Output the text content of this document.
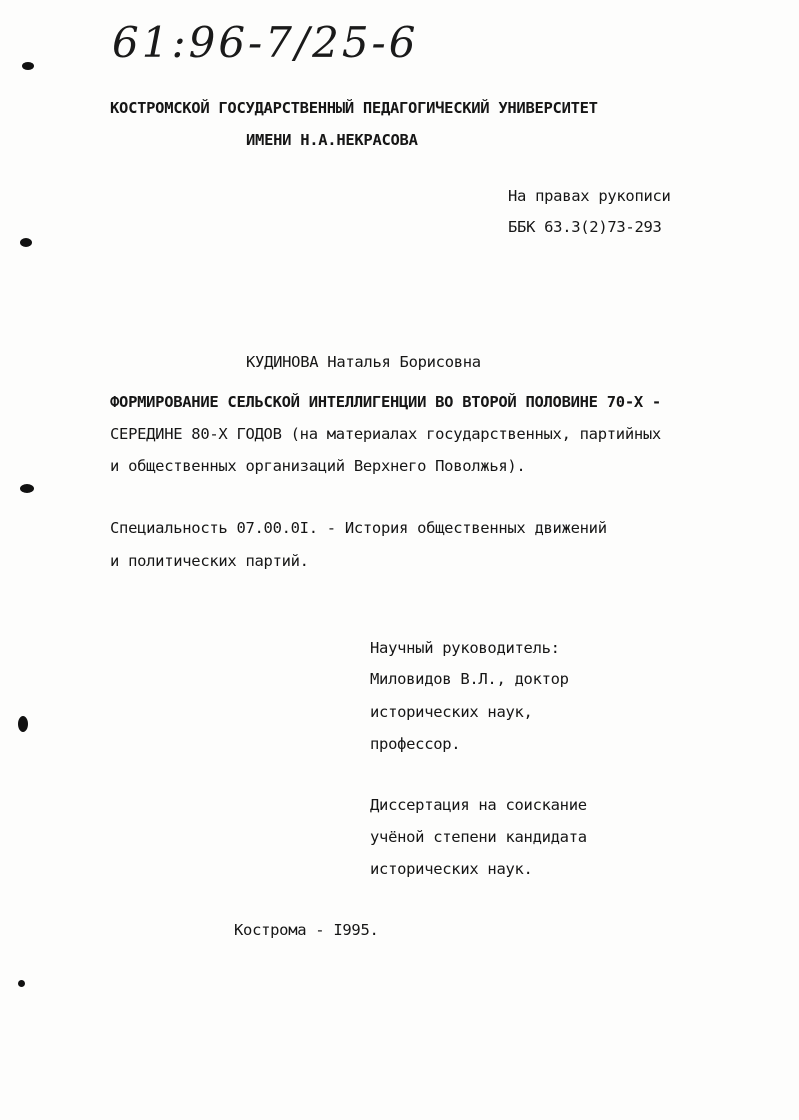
61:96-7/25-6
КОСТРОМСКОЙ ГОСУДАРСТВЕННЫЙ ПЕДАГОГИЧЕСКИЙ УНИВЕРСИТЕТ
ИМЕНИ Н.А.НЕКРАСОВА
На правах рукописи
ББК 63.3(2)73-293
КУДИНОВА Наталья Борисовна
ФОРМИРОВАНИЕ СЕЛЬСКОЙ ИНТЕЛЛИГЕНЦИИ ВО ВТОРОЙ ПОЛОВИНЕ 70-Х -
СЕРЕДИНЕ 80-Х ГОДОВ (на материалах государственных, партийных
и общественных организаций Верхнего Поволжья).
Специальность 07.00.0I. - История общественных движений
и политических партий.
Научный руководитель:
Миловидов В.Л., доктор
исторических наук,
профессор.
Диссертация на соискание
учёной степени кандидата
исторических наук.
Кострома - I995.
